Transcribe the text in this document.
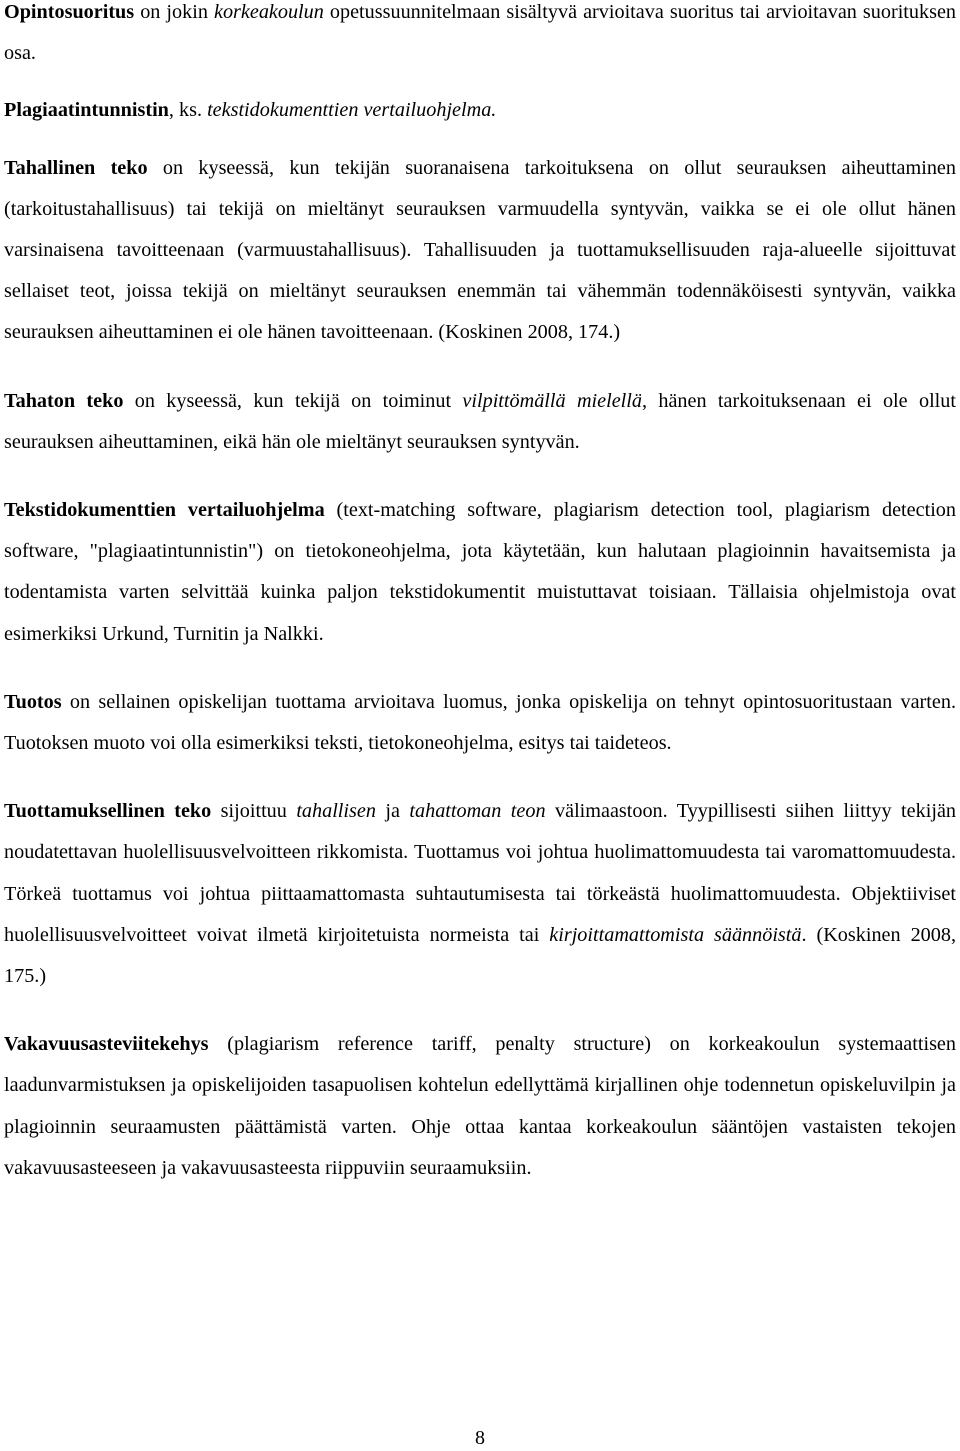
Opintosuoritus on jokin korkeakoulun opetussuunnitelmaan sisältyvä arvioitava suoritus tai arvioitavan suorituksen osa.

Plagiaatintunnistin, ks. tekstidokumenttien vertailuohjelma.

Tahallinen teko on kyseessä, kun tekijän suoranaisena tarkoituksena on ollut seurauksen aiheuttaminen (tarkoitustahallisuus) tai tekijä on mieltänyt seurauksen varmuudella syntyvän, vaikka se ei ole ollut hänen varsinaisena tavoitteenaan (varmuustahallisuus). Tahallisuuden ja tuottamuksellisuuden raja-alueelle sijoittuvat sellaiset teot, joissa tekijä on mieltänyt seurauksen enemmän tai vähemmän todennäköisesti syntyvän, vaikka seurauksen aiheuttaminen ei ole hänen tavoitteenaan. (Koskinen 2008, 174.)

Tahaton teko on kyseessä, kun tekijä on toiminut vilpittömällä mielellä, hänen tarkoituksenaan ei ole ollut seurauksen aiheuttaminen, eikä hän ole mieltänyt seurauksen syntyvän.

Tekstidokumenttien vertailuohjelma (text-matching software, plagiarism detection tool, plagiarism detection software, "plagiaatintunnistin") on tietokoneohjelma, jota käytetään, kun halutaan plagioinnin havaitsemista ja todentamista varten selvittää kuinka paljon tekstidokumentit muistuttavat toisiaan. Tällaisia ohjelmistoja ovat esimerkiksi Urkund, Turnitin ja Nalkki.

Tuotos on sellainen opiskelijan tuottama arvioitava luomus, jonka opiskelija on tehnyt opintosuoritustaan varten. Tuotoksen muoto voi olla esimerkiksi teksti, tietokoneohjelma, esitys tai taideteos.

Tuottamuksellinen teko sijoittuu tahallisen ja tahattoman teon välimaastoon. Tyypillisesti siihen liittyy tekijän noudatettavan huolellisuusvelvoitteen rikkomista. Tuottamus voi johtua huolimattomuudesta tai varomattomuudesta. Törkeä tuottamus voi johtua piittaamattomasta suhtautumisesta tai törkeästä huolimattomuudesta. Objektiiviset huolellisuusvelvoitteet voivat ilmetä kirjoitetuista normeista tai kirjoittamattomista säännöistä. (Koskinen 2008, 175.)

Vakavuusasteviitekehys (plagiarism reference tariff, penalty structure) on korkeakoulun systemaattisen laadunvarmistuksen ja opiskelijoiden tasapuolisen kohtelun edellyttämä kirjallinen ohje todennetun opiskeluvilpin ja plagioinnin seuraamusten päättämistä varten. Ohje ottaa kantaa korkeakoulun sääntöjen vastaisten tekojen vakavuusasteeseen ja vakavuusasteesta riippuviin seuraamuksiin.

8
